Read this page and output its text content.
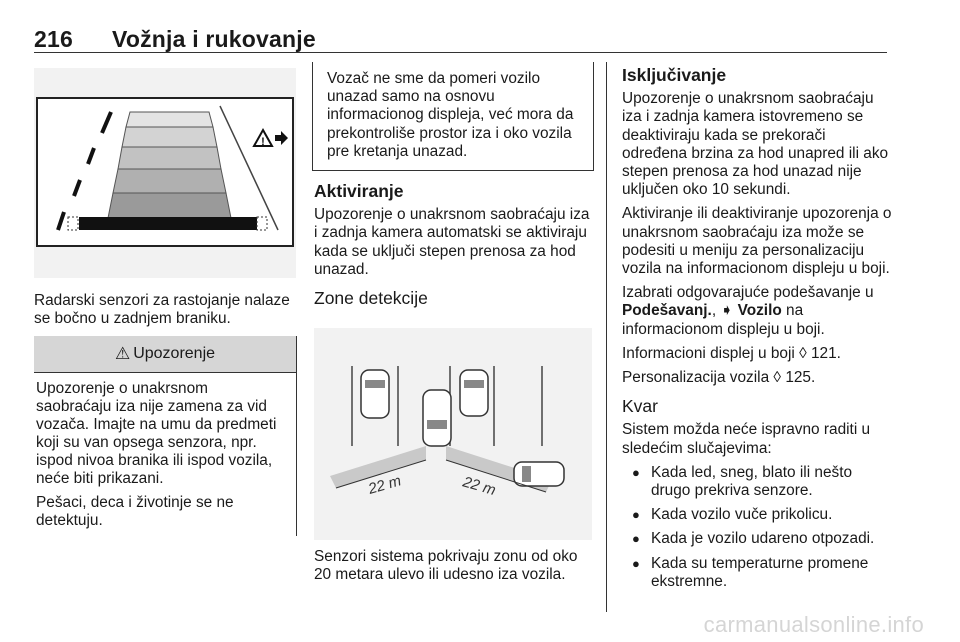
216 Vožnja i rukovanje
!
Radarski senzori za rastojanje nalaze se bočno u zadnjem braniku.
⚠ Upozorenje

Upozorenje o unakrsnom saobraćaju iza nije zamena za vid vozača. Imajte na umu da predmeti koji su van opsega senzora, npr. ispod nivoa branika ili ispod vozila, neće biti prikazani.

Pešaci, deca i životinje se ne detektuju.

Vozač ne sme da pomeri vozilo unazad samo na osnovu informacionog displeja, već mora da prekontroliše prostor iza i oko vozila pre kretanja unazad.
Aktiviranje

Upozorenje o unakrsnom saobraćaju iza i zadnja kamera automatski se aktiviraju kada se uključi stepen prenosa za hod unazad.

Zone detekcije
22 m	22 m
Senzori sistema pokrivaju zonu od oko 20 metara ulevo ili udesno iza vozila.
Isključivanje

Upozorenje o unakrsnom saobraćaju iza i zadnja kamera istovremeno se deaktiviraju kada se prekorači određena brzina za hod unapred ili ako stepen prenosa za hod unazad nije uključen oko 10 sekundi.

Aktiviranje ili deaktiviranje upozorenja o unakrsnom saobraćaju iza može se podesiti u meniju za personalizaciju vozila na informacionom displeju u boji.

Izabrati odgovarajuće podešavanje u Podešavanj., ➧ Vozilo na informacionom displeju u boji.

Informacioni displej u boji ◊ 121.

Personalizacija vozila ◊ 125.

Kvar

Sistem možda neće ispravno raditi u sledećim slučajevima:

● Kada led, sneg, blato ili nešto drugo prekriva senzore.
● Kada vozilo vuče prikolicu.
● Kada je vozilo udareno otpozadi.
● Kada su temperaturne promene ekstremne.
carmanualsonline.info
